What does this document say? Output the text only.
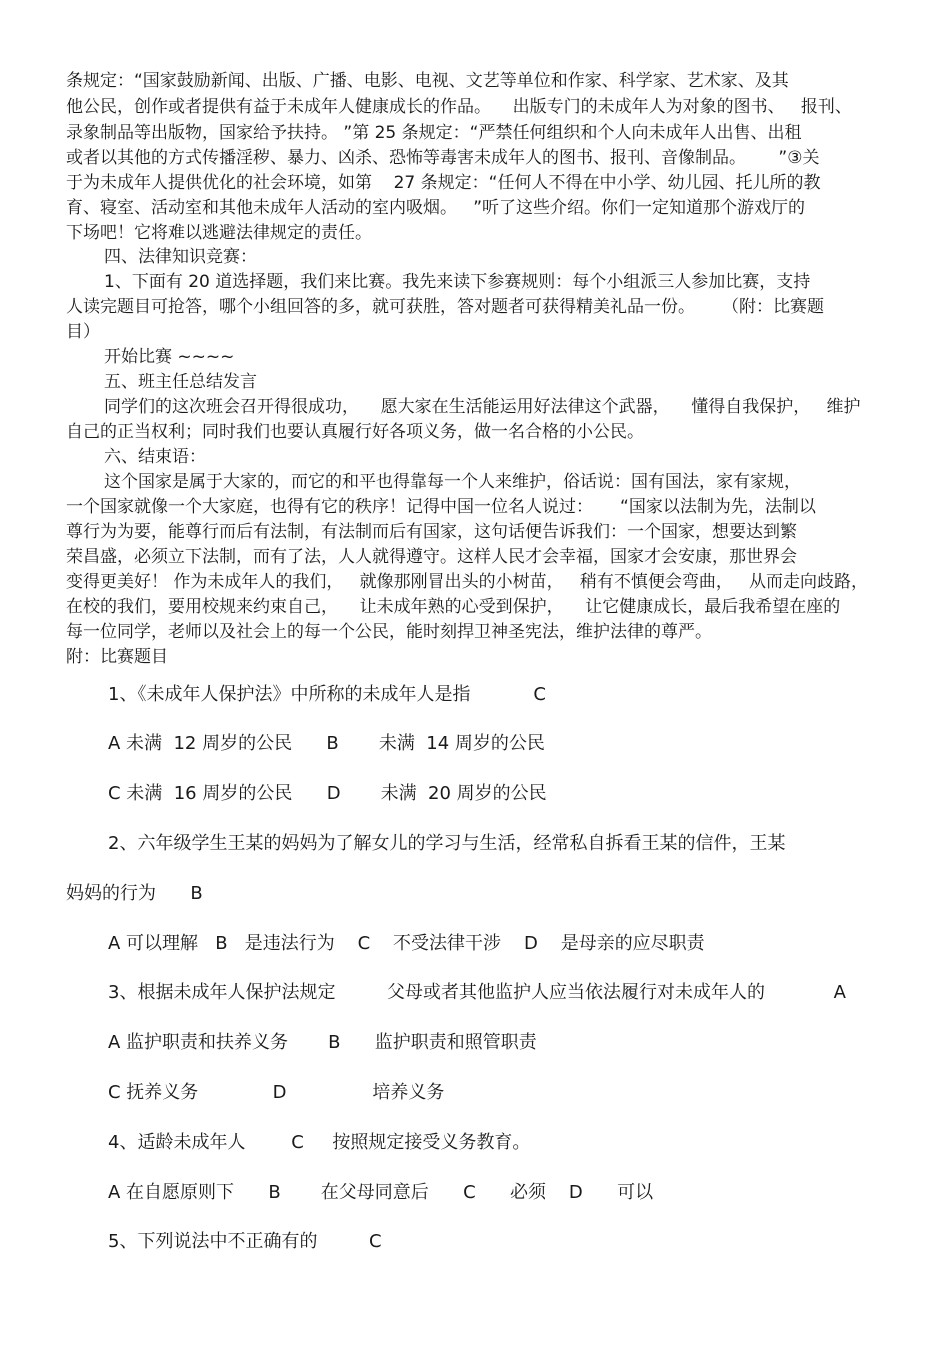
条规定：“国家鼓励新闻、出版、广播、电影、电视、文艺等单位和作家、科学家、艺术家、及其
他公民，创作或者提供有益于未成年人健康成长的作品。    出版专门的未成年人为对象的图书、   报刊、
录象制品等出版物，国家给予扶持。 ”第 25 条规定：“严禁任何组织和个人向未成年人出售、出租
或者以其他的方式传播淫秽、暴力、凶杀、恐怖等毒害未成年人的图书、报刊、音像制品。      ”③关
于为未成年人提供优化的社会环境，如第    27 条规定：“任何人不得在中小学、幼儿园、托儿所的教
育、寝室、活动室和其他未成年人活动的室内吸烟。   ”听了这些介绍。你们一定知道那个游戏厅的
下场吧！它将难以逃避法律规定的责任。
四、法律知识竞赛：
1、下面有 20 道选择题，我们来比赛。我先来读下参赛规则：每个小组派三人参加比赛，支持
人读完题目可抢答，哪个小组回答的多，就可获胜，答对题者可获得精美礼品一份。     （附：比赛题
目）
开始比赛 ~~~~
五、班主任总结发言
同学们的这次班会召开得很成功，    愿大家在生活能运用好法律这个武器，    懂得自我保护，   维护
自己的正当权利；同时我们也要认真履行好各项义务，做一名合格的小公民。
六、结束语：
这个国家是属于大家的，而它的和平也得靠每一个人来维护，俗话说：国有国法，家有家规，
一个国家就像一个大家庭，也得有它的秩序！记得中国一位名人说过：     “国家以法制为先，法制以
尊行为为要，能尊行而后有法制，有法制而后有国家，这句话便告诉我们：一个国家，想要达到繁
荣昌盛，必须立下法制，而有了法，人人就得遵守。这样人民才会幸福，国家才会安康，那世界会
变得更美好！ 作为未成年人的我们，   就像那刚冒出头的小树苗，   稍有不慎便会弯曲，   从而走向歧路，
在校的我们，要用校规来约束自己，    让未成年熟的心受到保护，    让它健康成长，最后我希望在座的
每一位同学，老师以及社会上的每一个公民，能时刻捍卫神圣宪法，维护法律的尊严。
附：比赛题目
1、《未成年人保护法》中所称的未成年人是指           C
A 未满  12 周岁的公民      B       未满  14 周岁的公民
C 未满  16 周岁的公民      D       未满  20 周岁的公民
2、六年级学生王某的妈妈为了解女儿的学习与生活，经常私自拆看王某的信件，王某
妈妈的行为      B
A 可以理解   B   是违法行为    C    不受法律干涉    D    是母亲的应尽职责
3、根据未成年人保护法规定         父母或者其他监护人应当依法履行对未成年人的            A
A 监护职责和扶养义务       B      监护职责和照管职责
C 抚养义务             D               培养义务
4、适龄未成年人        C     按照规定接受义务教育。
A 在自愿原则下      B       在父母同意后      C      必须    D      可以
5、下列说法中不正确有的         C
